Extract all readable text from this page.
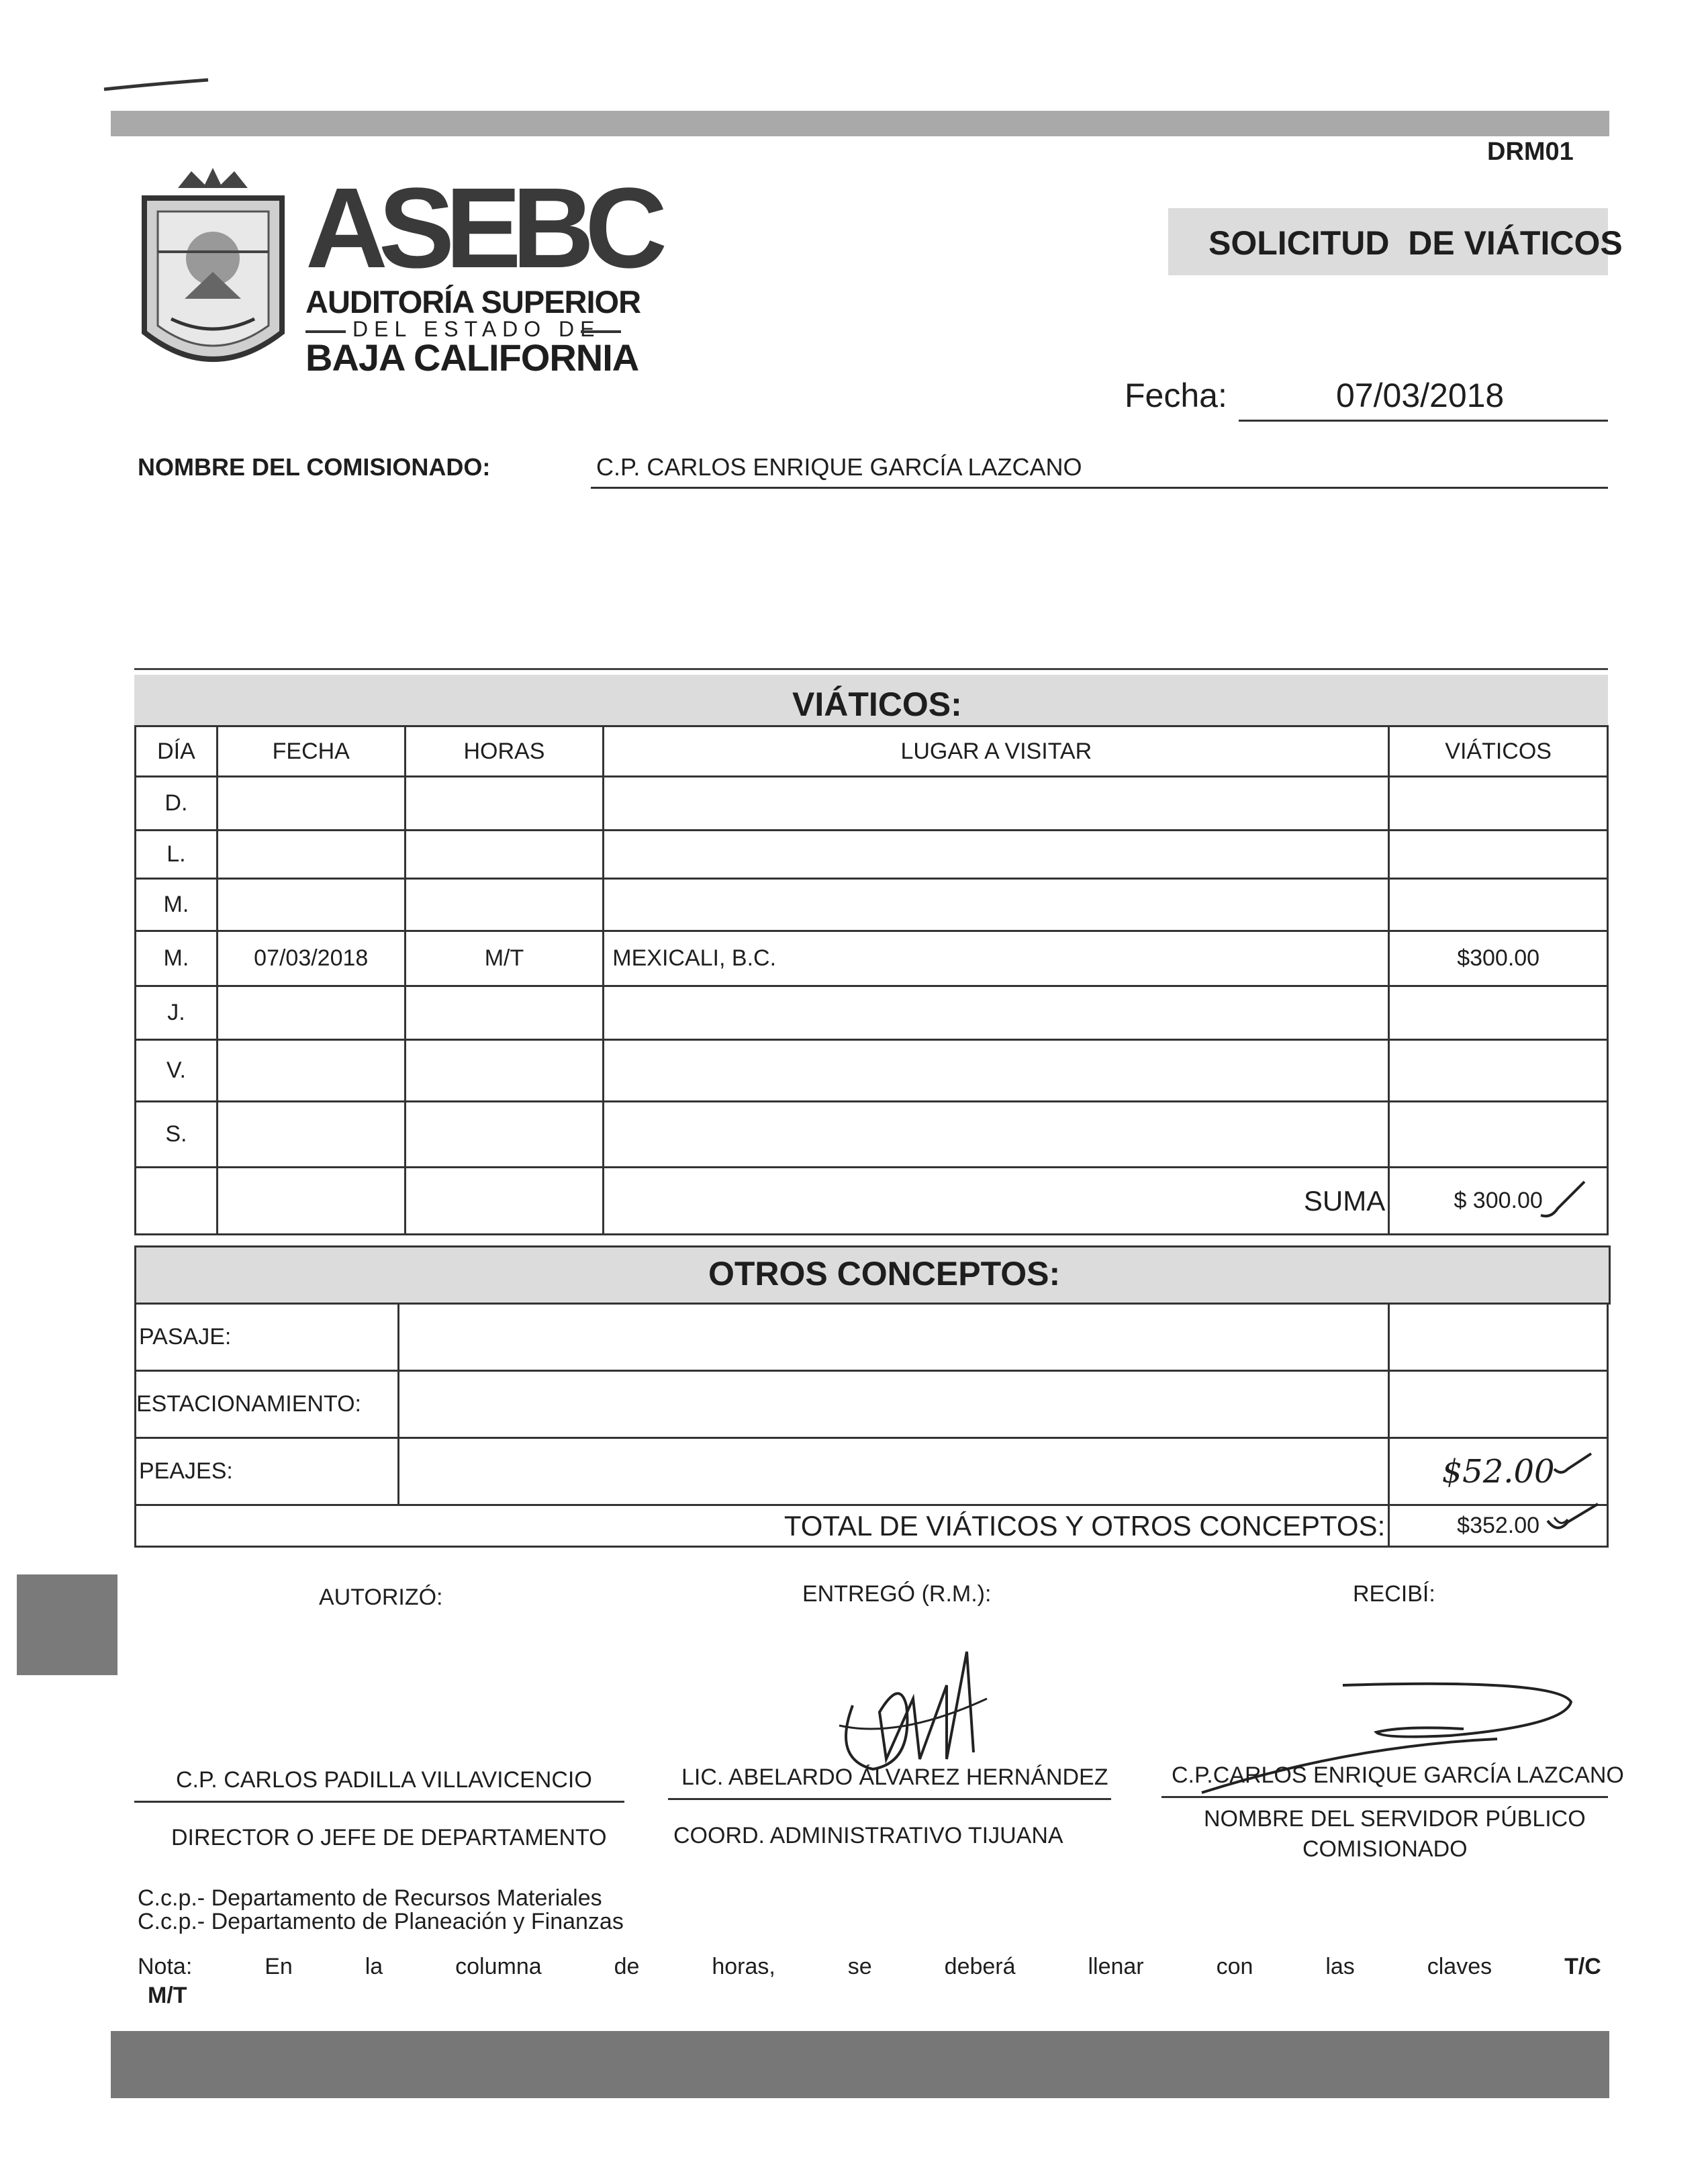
DRM01
ASEBC
AUDITORÍA SUPERIOR
DEL ESTADO DE
BAJA CALIFORNIA
SOLICITUD  DE VIÁTICOS
Fecha:	07/03/2018
NOMBRE DEL COMISIONADO:	C.P. CARLOS ENRIQUE GARCÍA LAZCANO
VIÁTICOS:
DÍA	FECHA	HORAS	LUGAR A VISITAR	VIÁTICOS
D.				
L.				
M.				
M.	07/03/2018	M/T	MEXICALI, B.C.	$300.00
J.				
V.				
S.				
			SUMA	$ 300.00
OTROS CONCEPTOS:
PASAJE:		
ESTACIONAMIENTO:		
PEAJES:		$52.00
TOTAL DE VIÁTICOS Y OTROS CONCEPTOS:		$352.00
AUTORIZÓ:	ENTREGÓ (R.M.):	RECIBÍ:
C.P. CARLOS PADILLA VILLAVICENCIO	LIC. ABELARDO ÁLVAREZ HERNÁNDEZ	C.P.CARLOS ENRIQUE GARCÍA LAZCANO
DIRECTOR O JEFE DE DEPARTAMENTO	COORD. ADMINISTRATIVO TIJUANA
NOMBRE DEL SERVIDOR PÚBLICO
COMISIONADO
C.c.p.- Departamento de Recursos Materiales
C.c.p.- Departamento de Planeación y Finanzas
Nota:	En	la	columna	de	horas,	se	deberá	llenar	con	las	claves	T/C
M/T
